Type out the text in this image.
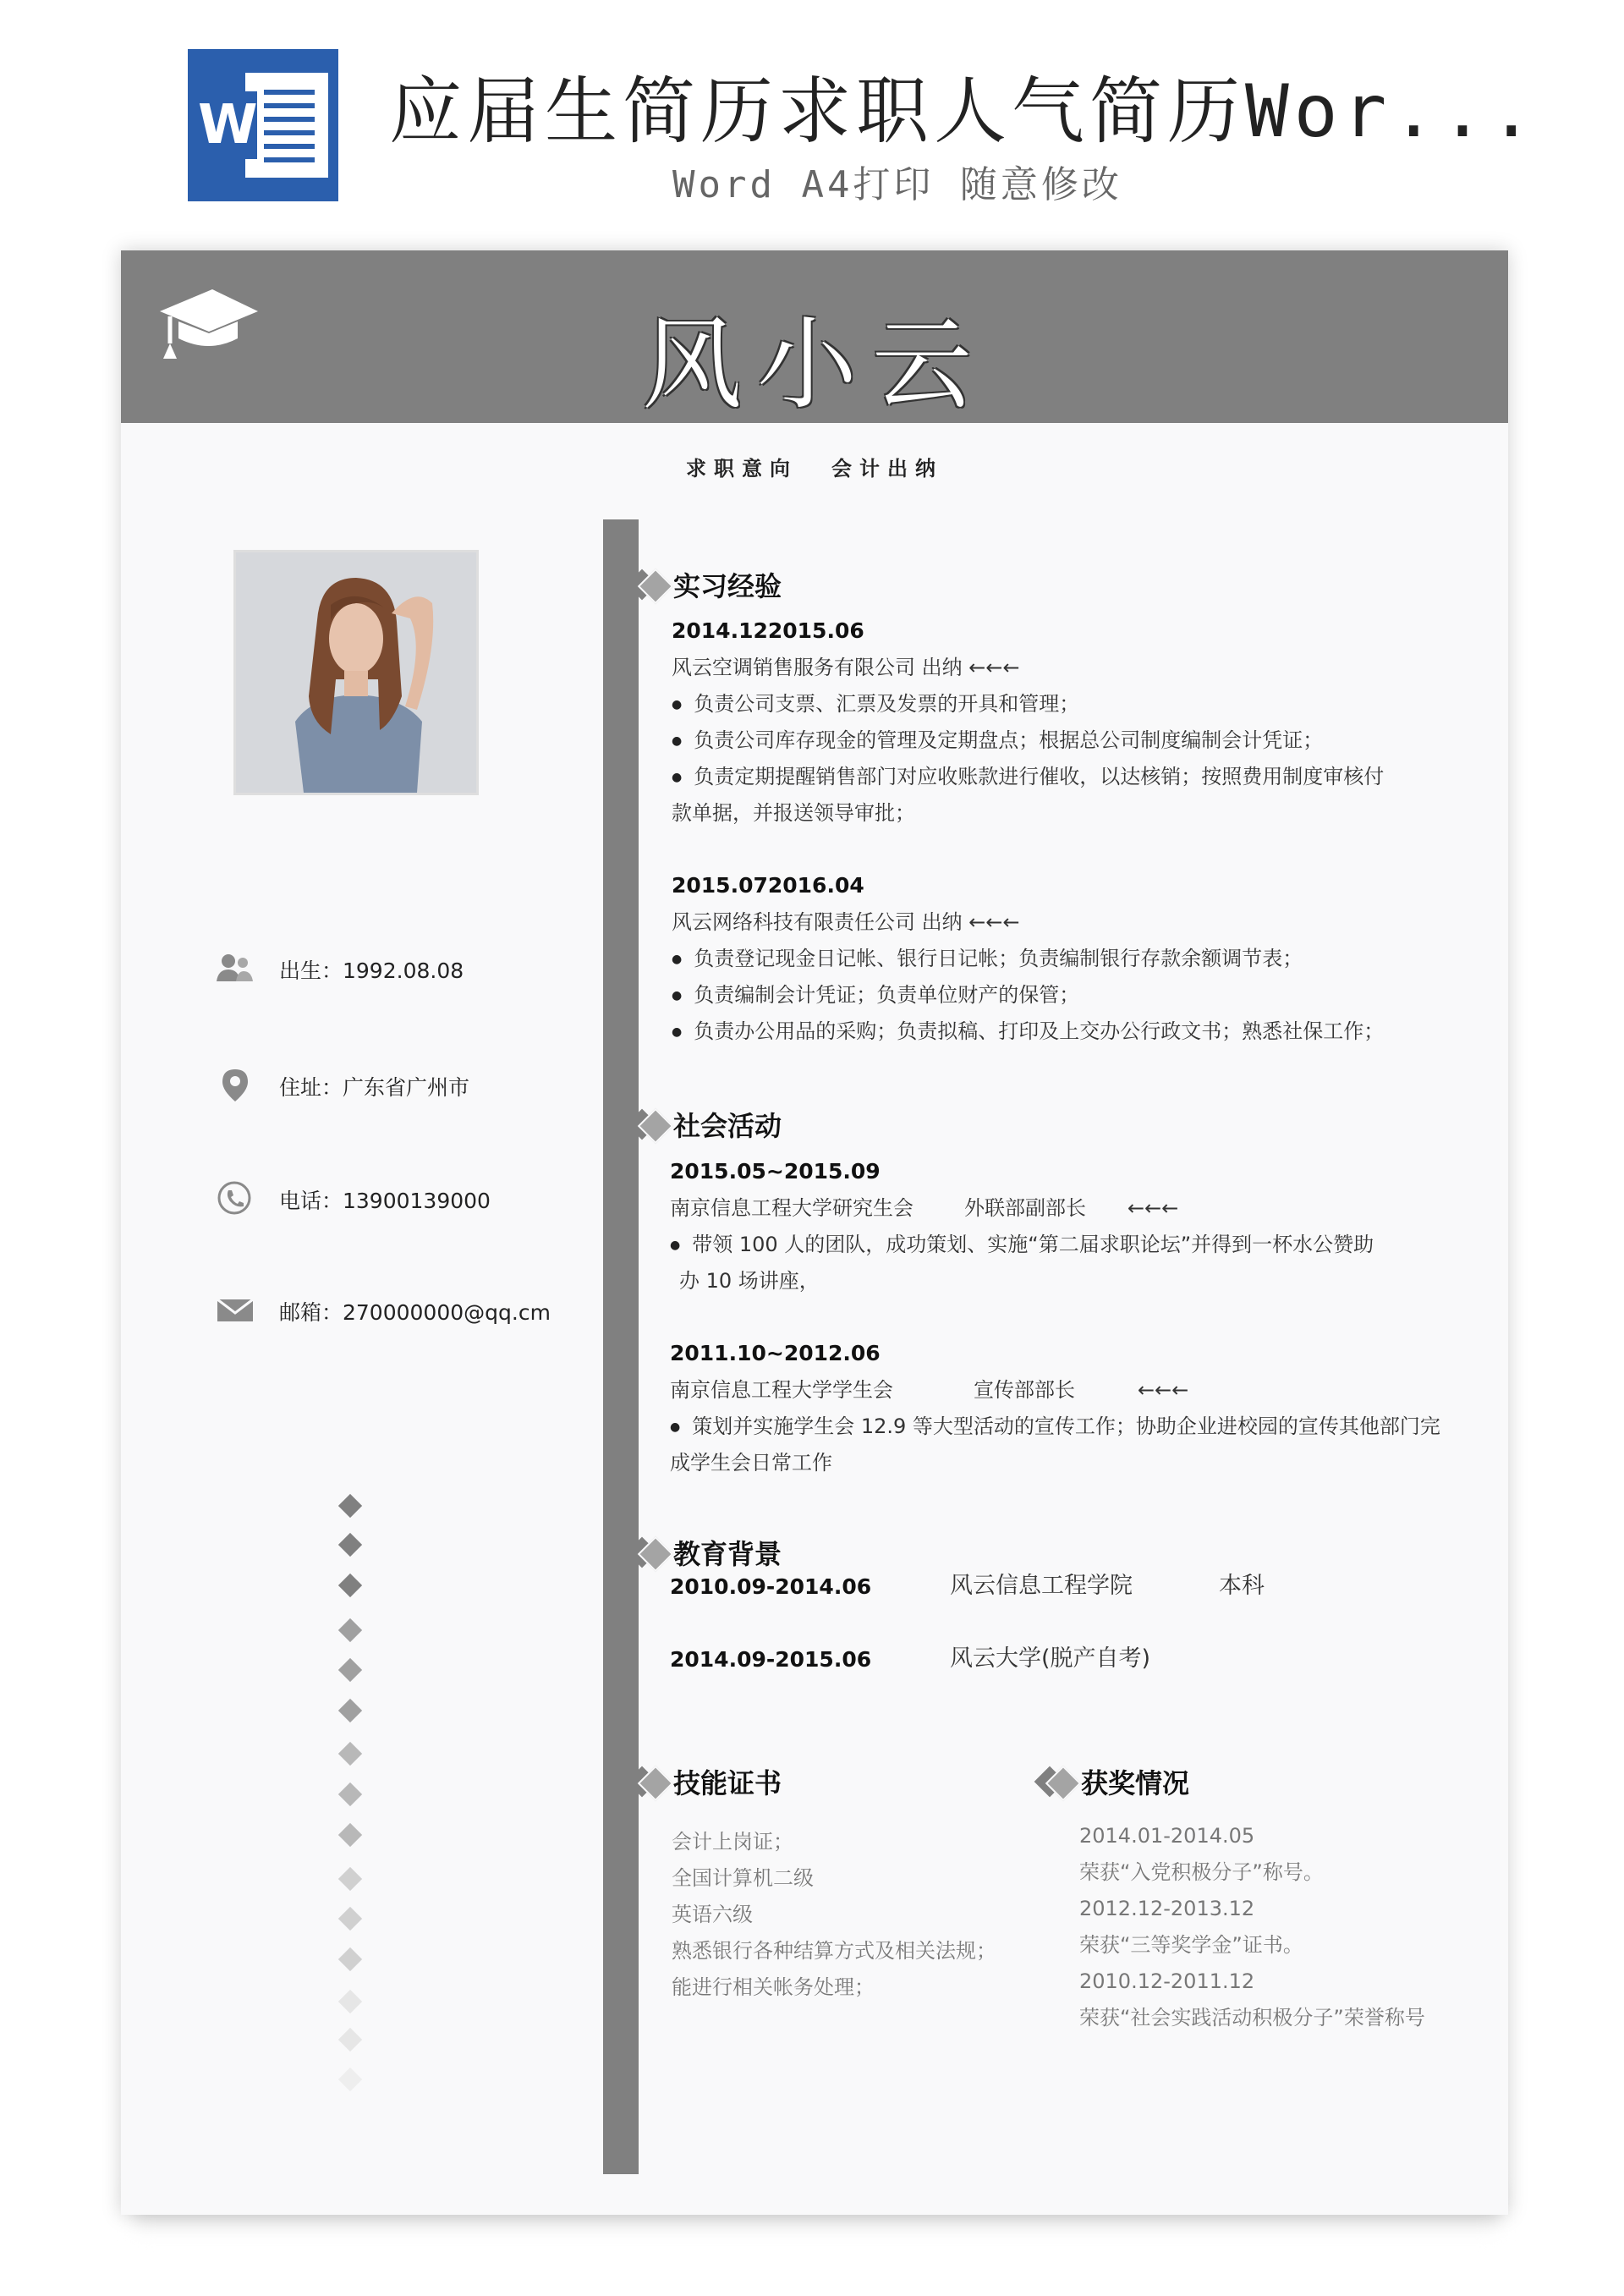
W 应届生简历求职人气简历Wor...
Word A4打印 随意修改
风小云
求职意向 会计出纳
出生：1992.08.08
住址：广东省广州市
电话：13900139000
邮箱：270000000@qq.cm
实习经验
2014.122015.06
风云空调销售服务有限公司 出纳 ←←←
● 负责公司支票、汇票及发票的开具和管理；
● 负责公司库存现金的管理及定期盘点；根据总公司制度编制会计凭证；
● 负责定期提醒销售部门对应收账款进行催收，以达核销；按照费用制度审核付
款单据，并报送领导审批；
2015.072016.04
风云网络科技有限责任公司 出纳 ←←←
● 负责登记现金日记帐、银行日记帐；负责编制银行存款余额调节表；
● 负责编制会计凭证；负责单位财产的保管；
● 负责办公用品的采购；负责拟稿、打印及上交办公行政文书；熟悉社保工作；
社会活动
2015.05~2015.09
南京信息工程大学研究生会	外联部副部长 ←←←
● 带领 100 人的团队，成功策划、实施“第二届求职论坛”并得到一杯水公赞助
办 10 场讲座，
2011.10~2012.06
南京信息工程大学学生会	宣传部部长	←←←
● 策划并实施学生会 12.9 等大型活动的宣传工作；协助企业进校园的宣传其他部门完
成学生会日常工作
教育背景
2010.09-2014.06	风云信息工程学院	本科
2014.09-2015.06	风云大学(脱产自考)
技能证书
会计上岗证；
全国计算机二级
英语六级
熟悉银行各种结算方式及相关法规；
能进行相关帐务处理；
获奖情况
2014.01-2014.05
荣获“入党积极分子”称号。
2012.12-2013.12
荣获“三等奖学金”证书。
2010.12-2011.12
荣获“社会实践活动积极分子”荣誉称号
